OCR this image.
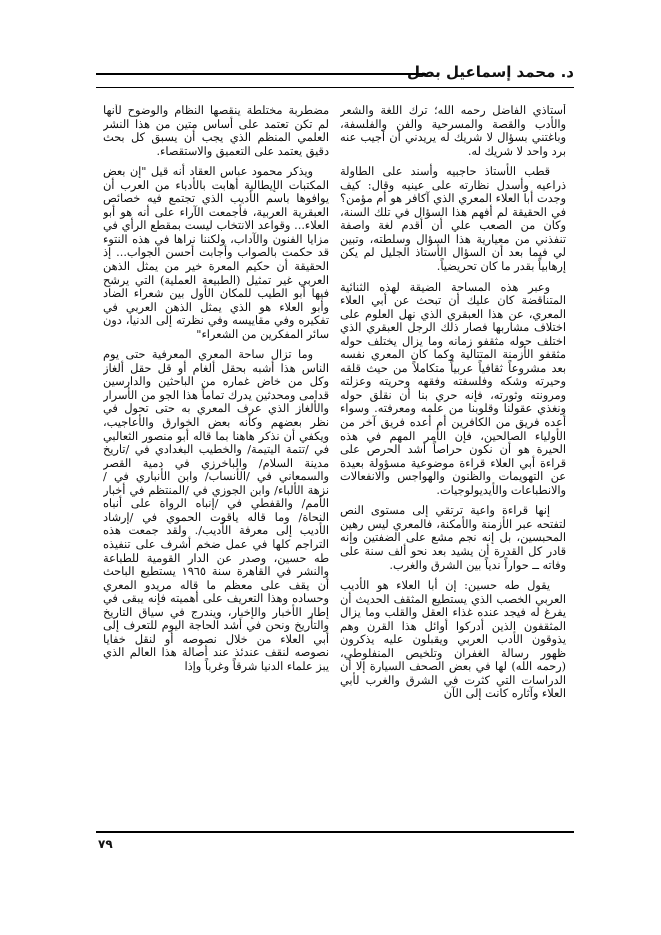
د. محمد إسماعيل بصل

أستاذي الفاضل رحمه الله؛ ترك اللغة والشعر والأدب والقصة والمسرحية والفن والفلسفة، وباغتني بسؤال لا شريك له يريدني أن أجيب عنه برد واحد لا شريك له.

قطب الأستاذ حاجبيه وأسند على الطاولة ذراعيه وأسدل نظارته على عينيه وقال: كيف وجدت أبا العلاء المعري الذي آكافر هو أم مؤمن؟ في الحقيقة لم أفهم هذا السؤال في تلك السنة، وكان من الصعب علي أن أقدم لغة واصفة تنفذني من معيارية هذا السؤال وسلطته، وتبين لي فيما بعد أن السؤال الأستاذ الجليل لم يكن إرهابياً بقدر ما كان تحريضياً.

وعبر هذه المساحة الضيقة لهذه الثنائية المتناقضة كان عليك أن تبحث عن أبي العلاء المعري، عن هذا العبقري الذي نهل العلوم على اختلاف مشاربها فصار ذلك الرجل العبقري الذي اختلف حوله مثقفو زمانه وما يزال يختلف حوله مثقفو الأزمنة المتتالية وكما كان المعري نفسه بعد مشروعاً ثقافياً عربياً متكاملاً من حيث قلقه وحيرته وشكه وفلسفته وفقهه وحريته وعزلته ومرونته وثورته، فإنه حري بنا أن نقلق حوله ونغذي عقولنا وقلوبنا من علمه ومعرفته. وسواء أعده فريق من الكافرين أم أعده فريق آخر من الأولياء الصالحين، فإن الأمر المهم في هذه الحيرة هو أن نكون حراصاً أشد الحرص على قراءة أبي العلاء قراءة موضوعية مسؤولة بعيدة عن التهويمات والظنون والهواجس والانفعالات والانطباعات والأيديولوجيات.

إنها قراءة واعية ترتقي إلى مستوى النص لتفتحه عبر الأزمنة والأمكنة، فالمعري ليس رهين المحبسين، بل إنه نجم مشع على الضفتين وإنه قادر كل القدرة أن يشيد بعد نحو ألف سنة على وفاته ــ حواراً ندياً بين الشرق والغرب.

يقول طه حسين: إن أبا العلاء هو الأديب العربي الخصب الذي يستطيع المثقف الحديث أن يفرغ له فيجد عنده غذاء العقل والقلب وما يزال المثقفون الذين أدركوا أوائل هذا القرن وهم يذوقون الأدب العربي ويقبلون عليه يذكرون ظهور رسالة الغفران وتلخيص المنفلوطي، (رحمه الله) لها في بعض الصحف السيارة إلا أن الدراسات التي كثرت في الشرق والغرب لأبي العلاء وآثاره كانت إلى الآن

مضطربة مختلطة ينقصها النظام والوضوح لأنها لم تكن تعتمد على أساس متين من هذا النشر العلمي المنظم الذي يجب أن يسبق كل بحث دقيق يعتمد على التعميق والاستقصاء.

ويذكر محمود عباس العقاد أنه قيل "إن بعض المكتبات الإيطالية أهابت بالأدباء من العرب أن يوافوها باسم الأديب الذي تجتمع فيه خصائص العبقرية العربية، فأجمعت الآراء على أنه هو أبو العلاء... وقواعد الانتخاب ليست بمقطع الرأي في مزايا الفنون والآداب، ولكننا نراها في هذه النتوء قد حكمت بالصواب وأجابت أحسن الجواب... إذ الحقيقة أن حكيم المعرة خير من يمثل الذهن العربي غير تمثيل (الطبيعة العملية) التي يرشح فيها أبو الطيب للمكان الأول بين شعراء الضاد وأبو العلاء هو الذي يمثل الذهن العربي في تفكيره وفي مقاييسه وفي نظرته إلى الدنيا، دون سائر المفكرين من الشعراء"

وما تزال ساحة المعري المعرفية حتى يوم الناس هذا أشبه بحقل ألغام أو قل حقل ألغاز وكل من خاض غماره من الباحثين والدارسين قدامى ومحدثين يدرك تماماً هذا الجو من الأسرار والألغاز الذي عرف المعري به حتى تحول في نظر بعضهم وكأنه بعض الخوارق والأعاجيب، ويكفي أن نذكر هاهنا بما قاله أبو منصور الثعالبي في /تتمة اليتيمة/ والخطيب البغدادي في /تاريخ مدينة السلام/ والباخرزي في دمية القصر والسمعاني في /الأنساب/ وابن الأنباري في /نزهة الألباء/ وابن الجوزي في /المنتظم في أخبار الأمم/ والقفطي في /إنباه الرواة على أنباه النحاة/ وما قاله ياقوت الحموي في /إرشاد الأديب إلى معرفة الأديب/. ولقد جمعت هذه التراجم كلها في عمل ضخم أشرف على تنفيذه طه حسين، وصدر عن الدار القومية للطباعة والنشر في القاهرة سنة ١٩٦٥ يستطيع الباحث أن يقف على معظم ما قاله مريدو المعري وحساده وهذا التعريف على أهميته فإنه يبقى في إطار الأخبار والإخبار، ويندرج في سياق التاريخ والتأريخ ونحن في أشد الحاجة اليوم للتعرف إلى أبي العلاء من خلال نصوصه أو لنقل خفايا نصوصه لنقف عندئذ عند أصالة هذا العالم الذي يبز علماء الدنيا شرقاً وغرباً وإذا

٧٩
